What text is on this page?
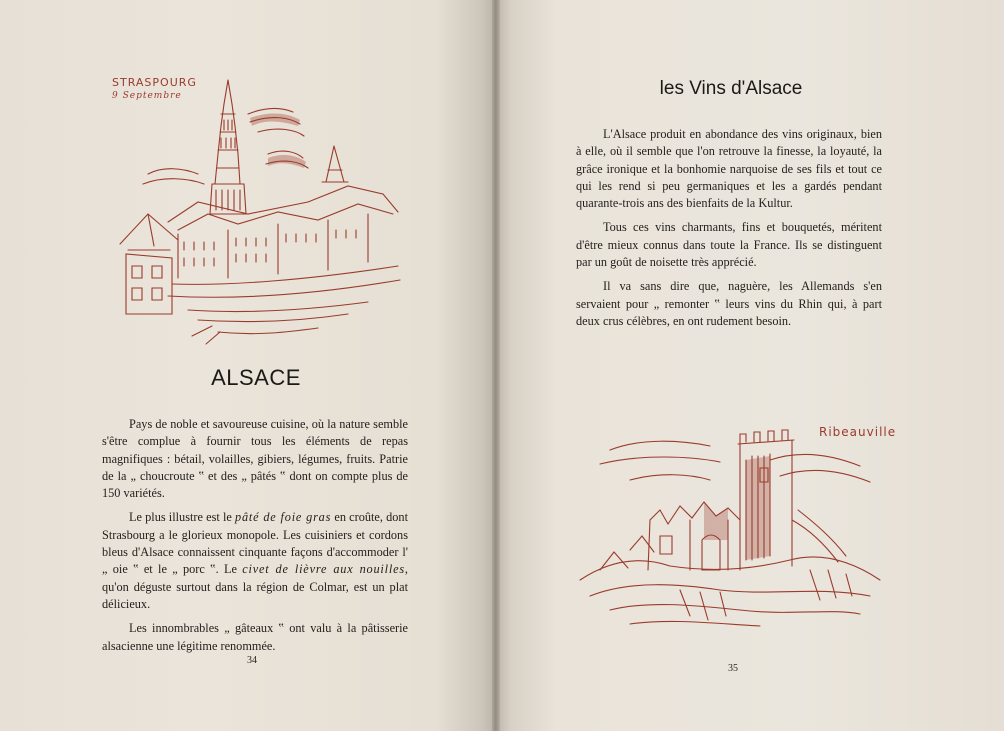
STRASPOURG
9 Septembre
ALSACE

Pays de noble et savoureuse cuisine, où la nature semble s'être complue à fournir tous les éléments de repas magnifiques : bétail, volailles, gibiers, légumes, fruits. Patrie de la „ choucroute ‟ et des „ pâtés ‟ dont on compte plus de 150 variétés.

Le plus illustre est le pâté de foie gras en croûte, dont Strasbourg a le glorieux monopole. Les cuisiniers et cordons bleus d'Alsace connaissent cinquante façons d'accommoder l' „ oie ‟ et le „ porc ‟. Le civet de lièvre aux nouilles, qu'on déguste surtout dans la région de Colmar, est un plat délicieux.

Les innombrables „ gâteaux ‟ ont valu à la pâtisserie alsacienne une légitime renommée.

34
les Vins d'Alsace

L'Alsace produit en abondance des vins originaux, bien à elle, où il semble que l'on retrouve la finesse, la loyauté, la grâce ironique et la bonhomie narquoise de ses fils et tout ce qui les rend si peu germaniques et les a gardés pendant quarante-trois ans des bienfaits de la Kultur.

Tous ces vins charmants, fins et bouquetés, méritent d'être mieux connus dans toute la France. Ils se distinguent par un goût de noisette très apprécié.

Il va sans dire que, naguère, les Allemands s'en servaient pour „ remonter ‟ leurs vins du Rhin qui, à part deux crus célèbres, en ont rudement besoin.

Ribeauville
35
